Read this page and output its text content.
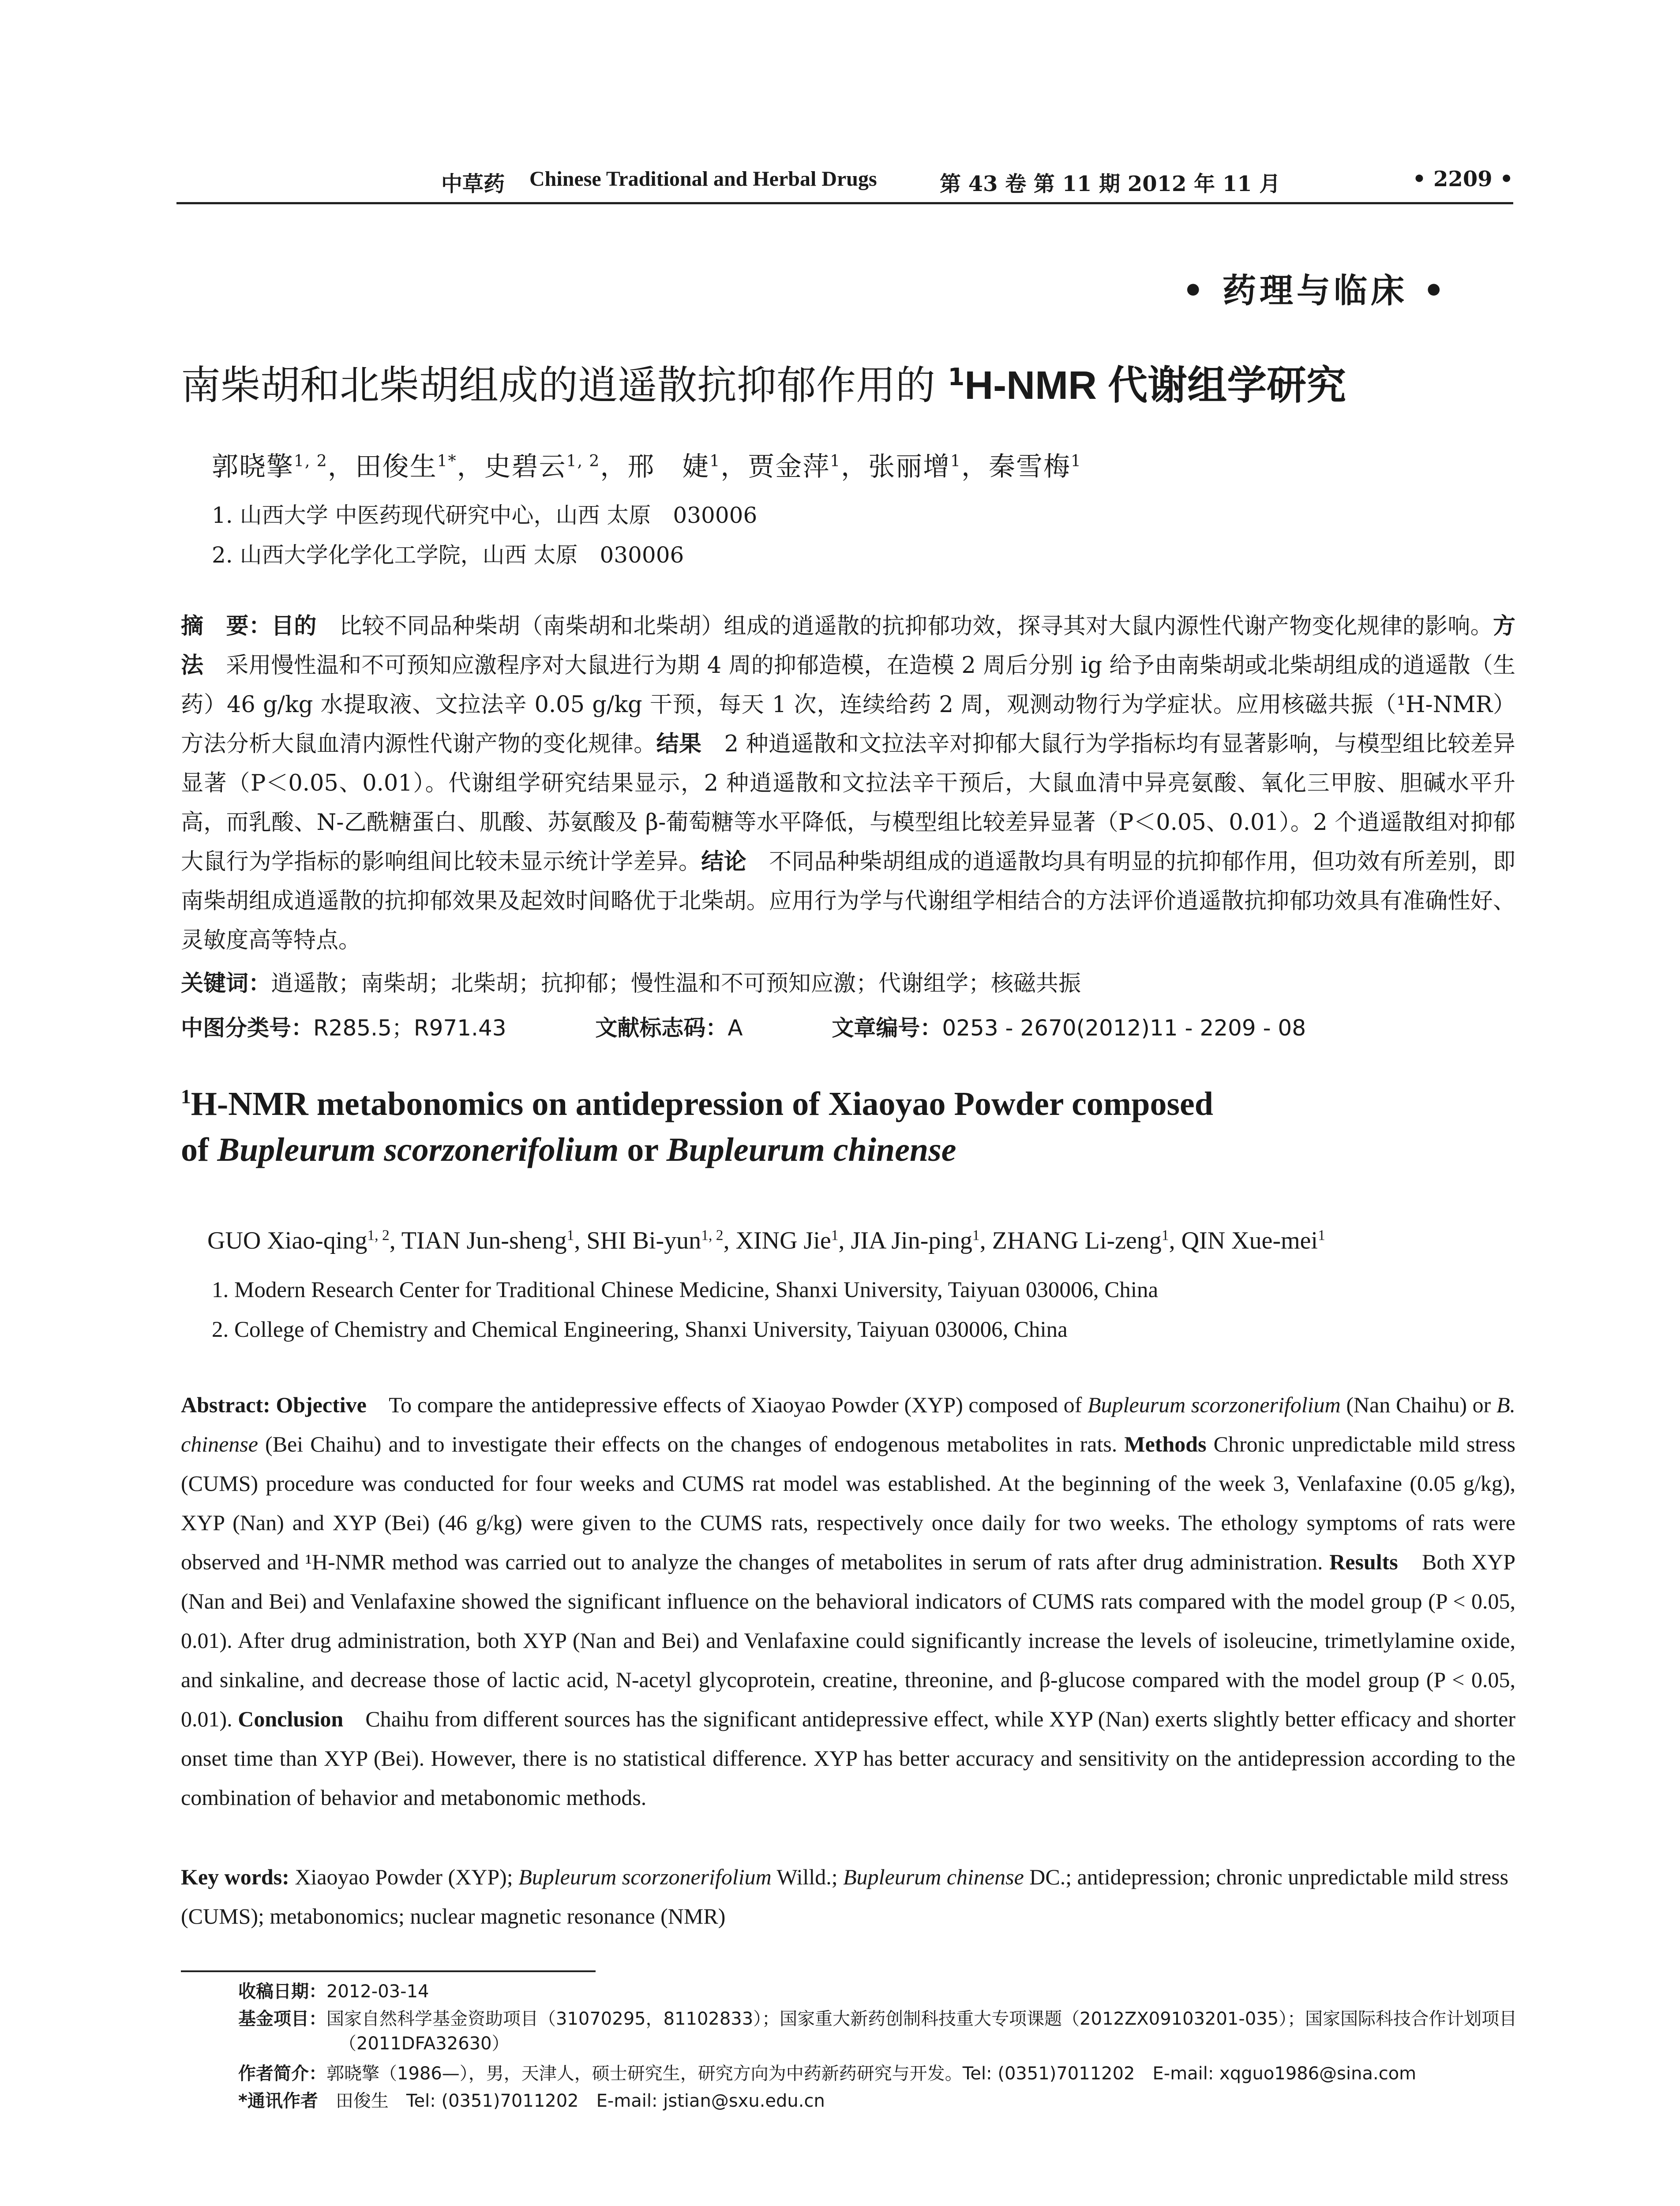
中草药 Chinese Traditional and Herbal Drugs	第 43 卷 第 11 期 2012 年 11 月	• 2209 •
• 药理与临床 •
南柴胡和北柴胡组成的逍遥散抗抑郁作用的 $^1$H-NMR 代谢组学研究
郭晓擎$^{1, 2}$，田俊生$^{1*}$，史碧云$^{1, 2}$，邢　婕$^1$，贾金萍$^1$，张丽增$^1$，秦雪梅$^1$
1. 山西大学 中医药现代研究中心，山西 太原　030006
2. 山西大学化学化工学院，山西 太原　030006
摘　要：目的　比较不同品种柴胡（南柴胡和北柴胡）组成的逍遥散的抗抑郁功效，探寻其对大鼠内源性代谢产物变化规律的影响。方法　采用慢性温和不可预知应激程序对大鼠进行为期 4 周的抑郁造模，在造模 2 周后分别 ig 给予由南柴胡或北柴胡组成的逍遥散（生药）46 g/kg 水提取液、文拉法辛 0.05 g/kg 干预，每天 1 次，连续给药 2 周，观测动物行为学症状。应用核磁共振（¹H-NMR）方法分析大鼠血清内源性代谢产物的变化规律。结果　2 种逍遥散和文拉法辛对抑郁大鼠行为学指标均有显著影响，与模型组比较差异显著（P＜0.05、0.01）。代谢组学研究结果显示，2 种逍遥散和文拉法辛干预后，大鼠血清中异亮氨酸、氧化三甲胺、胆碱水平升高，而乳酸、N-乙酰糖蛋白、肌酸、苏氨酸及 β-葡萄糖等水平降低，与模型组比较差异显著（P＜0.05、0.01）。2 个逍遥散组对抑郁大鼠行为学指标的影响组间比较未显示统计学差异。结论　不同品种柴胡组成的逍遥散均具有明显的抗抑郁作用，但功效有所差别，即南柴胡组成逍遥散的抗抑郁效果及起效时间略优于北柴胡。应用行为学与代谢组学相结合的方法评价逍遥散抗抑郁功效具有准确性好、灵敏度高等特点。
关键词：逍遥散；南柴胡；北柴胡；抗抑郁；慢性温和不可预知应激；代谢组学；核磁共振
中图分类号：R285.5；R971.43	文献标志码：A	文章编号：0253 - 2670(2012)11 - 2209 - 08
$^1$H-NMR metabonomics on antidepression of Xiaoyao Powder composed
of Bupleurum scorzonerifolium or Bupleurum chinense
GUO Xiao-qing$^{1, 2}$, TIAN Jun-sheng$^1$, SHI Bi-yun$^{1, 2}$, XING Jie$^1$, JIA Jin-ping$^1$, ZHANG Li-zeng$^1$, QIN Xue-mei$^1$
1. Modern Research Center for Traditional Chinese Medicine, Shanxi University, Taiyuan 030006, China
2. College of Chemistry and Chemical Engineering, Shanxi University, Taiyuan 030006, China
Abstract: Objective　To compare the antidepressive effects of Xiaoyao Powder (XYP) composed of Bupleurum scorzonerifolium (Nan Chaihu) or B. chinense (Bei Chaihu) and to investigate their effects on the changes of endogenous metabolites in rats. Methods Chronic unpredictable mild stress (CUMS) procedure was conducted for four weeks and CUMS rat model was established. At the beginning of the week 3, Venlafaxine (0.05 g/kg), XYP (Nan) and XYP (Bei) (46 g/kg) were given to the CUMS rats, respectively once daily for two weeks. The ethology symptoms of rats were observed and ¹H-NMR method was carried out to analyze the changes of metabolites in serum of rats after drug administration. Results　Both XYP (Nan and Bei) and Venlafaxine showed the significant influence on the behavioral indicators of CUMS rats compared with the model group (P < 0.05, 0.01). After drug administration, both XYP (Nan and Bei) and Venlafaxine could significantly increase the levels of isoleucine, trimetlylamine oxide, and sinkaline, and decrease those of lactic acid, N-acetyl glycoprotein, creatine, threonine, and β-glucose compared with the model group (P < 0.05, 0.01). Conclusion　Chaihu from different sources has the significant antidepressive effect, while XYP (Nan) exerts slightly better efficacy and shorter onset time than XYP (Bei). However, there is no statistical difference. XYP has better accuracy and sensitivity on the antidepression according to the combination of behavior and metabonomic methods.
Key words: Xiaoyao Powder (XYP); Bupleurum scorzonerifolium Willd.; Bupleurum chinense DC.; antidepression; chronic unpredictable mild stress (CUMS); metabonomics; nuclear magnetic resonance (NMR)
收稿日期：2012-03-14
基金项目：国家自然科学基金资助项目（31070295，81102833）；国家重大新药创制科技重大专项课题（2012ZX09103201-035）；国家国际科技合作计划项目（2011DFA32630）
作者简介：郭晓擎（1986—），男，天津人，硕士研究生，研究方向为中药新药研究与开发。Tel: (0351)7011202　E-mail: xqguo1986@sina.com
*通讯作者　田俊生　Tel: (0351)7011202　E-mail: jstian@sxu.edu.cn
